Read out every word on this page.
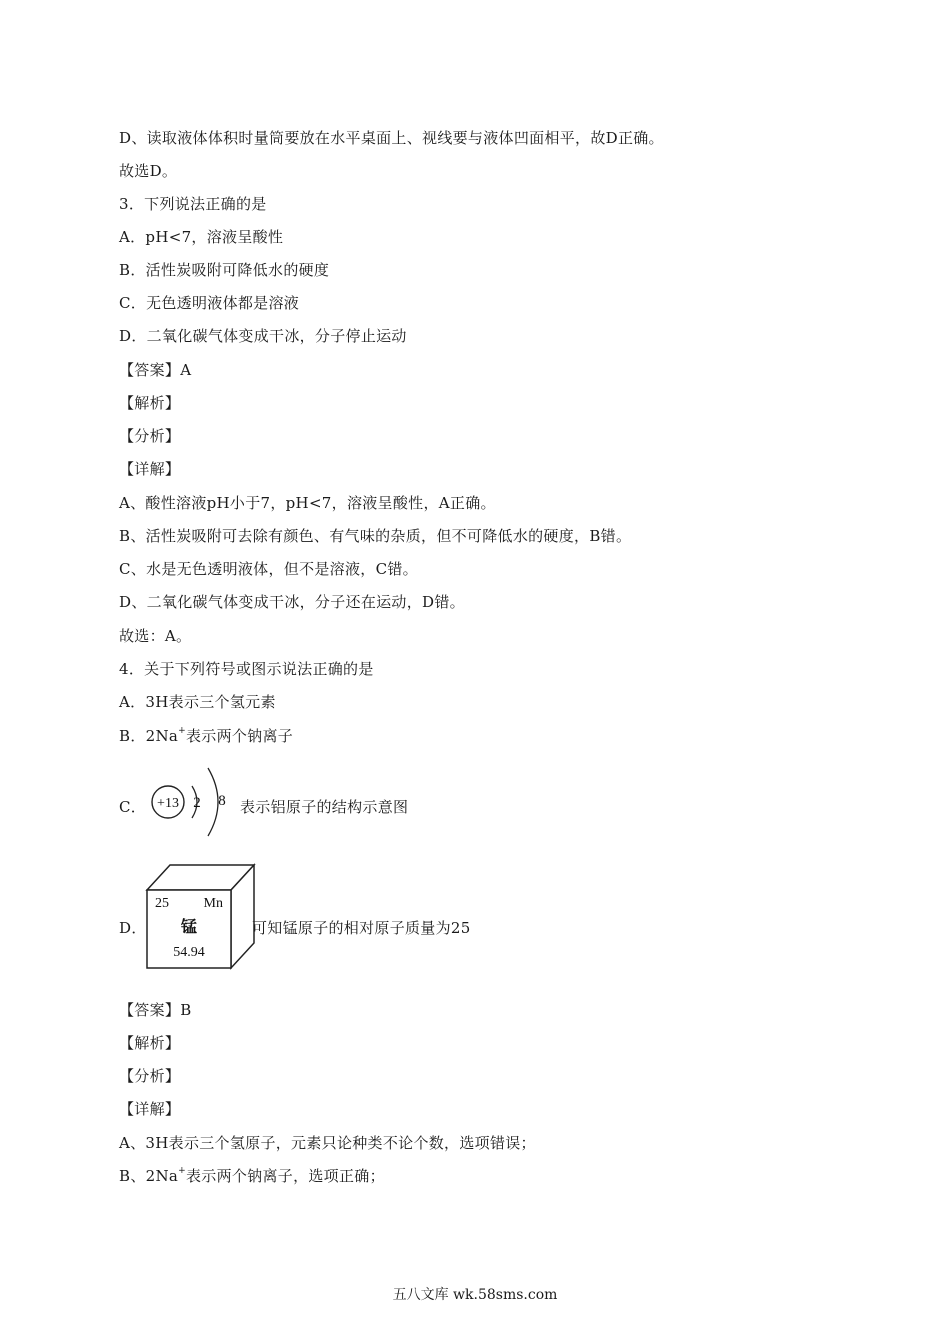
D、读取液体体积时量筒要放在水平桌面上、视线要与液体凹面相平，故D正确。
故选D。
3．下列说法正确的是
A．pH<7，溶液呈酸性
B．活性炭吸附可降低水的硬度
C．无色透明液体都是溶液
D．二氧化碳气体变成干冰，分子停止运动
【答案】A
【解析】
【分析】
【详解】
A、酸性溶液pH小于7，pH<7，溶液呈酸性，A正确。
B、活性炭吸附可去除有颜色、有气味的杂质，但不可降低水的硬度，B错。
C、水是无色透明液体，但不是溶液，C错。
D、二氧化碳气体变成干冰，分子还在运动，D错。
故选：A。
4．关于下列符号或图示说法正确的是
A．3H表示三个氢元素
B．2Na+表示两个钠离子
C． +13 2 8 表示铝原子的结构示意图
D．
25 Mn
锰
54.94
可知锰原子的相对原子质量为25
【答案】B
【解析】
【分析】
【详解】
A、3H表示三个氢原子，元素只论种类不论个数，选项错误；
B、2Na+表示两个钠离子，选项正确；
五八文库 wk.58sms.com
